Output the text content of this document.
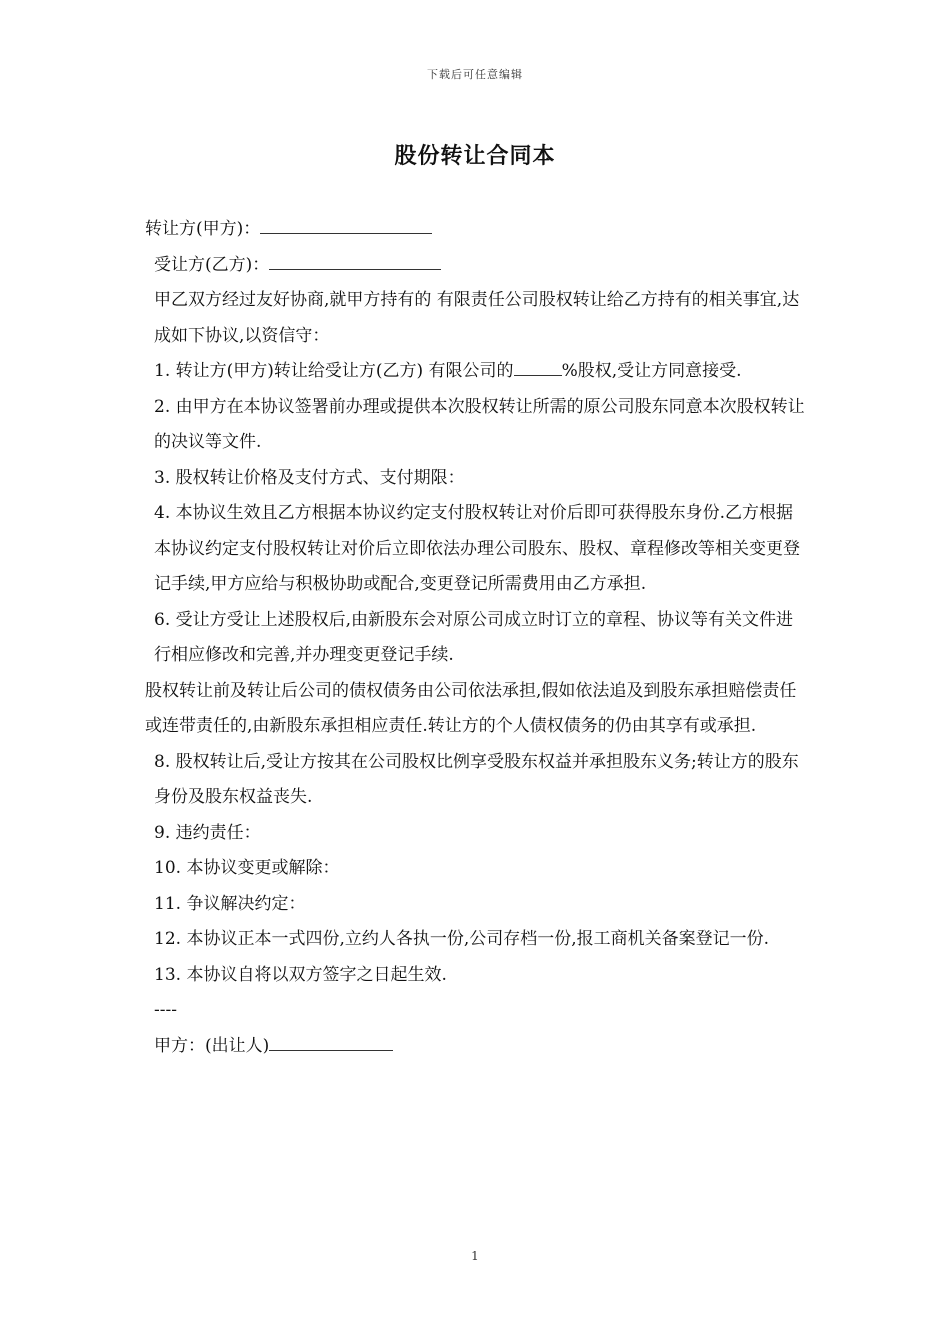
下载后可任意编辑
股份转让合同本

转让方(甲方)：

受让方(乙方)：

甲乙双方经过友好协商,就甲方持有的 有限责任公司股权转让给乙方持有的相关事宜,达成如下协议,以资信守：

1. 转让方(甲方)转让给受让方(乙方) 有限公司的	%股权,受让方同意接受.

2. 由甲方在本协议签署前办理或提供本次股权转让所需的原公司股东同意本次股权转让的决议等文件.

3. 股权转让价格及支付方式、支付期限：

4. 本协议生效且乙方根据本协议约定支付股权转让对价后即可获得股东身份.乙方根据本协议约定支付股权转让对价后立即依法办理公司股东、股权、章程修改等相关变更登记手续,甲方应给与积极协助或配合,变更登记所需费用由乙方承担.

6. 受让方受让上述股权后,由新股东会对原公司成立时订立的章程、协议等有关文件进行相应修改和完善,并办理变更登记手续.

股权转让前及转让后公司的债权债务由公司依法承担,假如依法追及到股东承担赔偿责任或连带责任的,由新股东承担相应责任.转让方的个人债权债务的仍由其享有或承担.

8. 股权转让后,受让方按其在公司股权比例享受股东权益并承担股东义务;转让方的股东身份及股东权益丧失.

9. 违约责任：

10. 本协议变更或解除：

11. 争议解决约定：

12. 本协议正本一式四份,立约人各执一份,公司存档一份,报工商机关备案登记一份.

13. 本协议自将以双方签字之日起生效.

----

甲方：(出让人)

1
